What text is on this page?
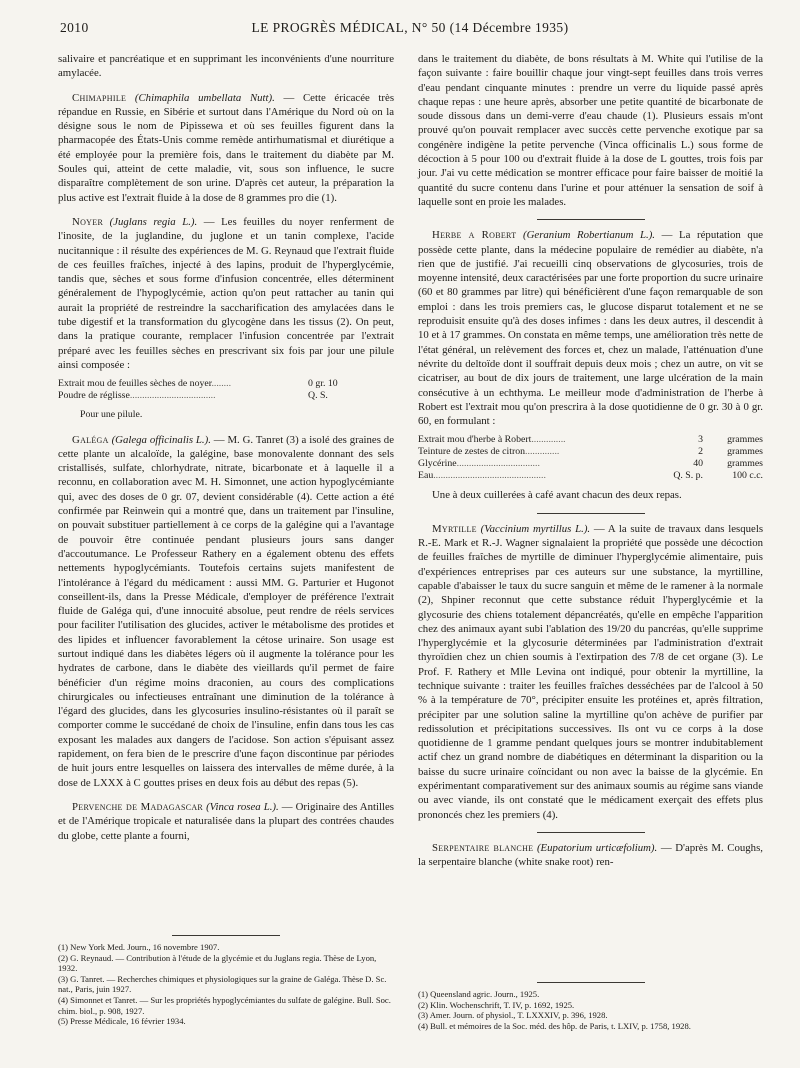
2010	LE PROGRÈS MÉDICAL, N° 50 (14 Décembre 1935)

salivaire et pancréatique et en supprimant les inconvénients d'une nourriture amylacée.

Chimaphile (Chimaphila umbellata Nutt). — Cette éricacée très répandue en Russie, en Sibérie et surtout dans l'Amérique du Nord où on la désigne sous le nom de Pipissewa et où ses feuilles figurent dans la pharmacopée des États-Unis comme remède antirhumatismal et diurétique a été employée pour la première fois, dans le traitement du diabète par M. Soules qui, atteint de cette maladie, vit, sous son influence, le sucre disparaître complètement de son urine. D'après cet auteur, la préparation la plus active est l'extrait fluide à la dose de 8 grammes pro die (1).

Noyer (Juglans regia L.). — Les feuilles du noyer renferment de l'inosite, de la juglandine, du juglone et un tanin complexe, l'acide nucitannique : il résulte des expériences de M. G. Reynaud que l'extrait fluide de ces feuilles fraîches, injecté à des lapins, produit de l'hyperglycémie, tandis que, sèches et sous forme d'infusion concentrée, elles déterminent généralement de l'hypoglycémie, action qu'on peut rattacher au tanin qui aurait la propriété de restreindre la saccharification des amylacées dans le tube digestif et la transformation du glycogène dans les tissus (2). On peut, dans la pratique courante, remplacer l'infusion concentrée par l'extrait préparé avec les feuilles sèches en prescrivant six fois par jour une pilule ainsi composée :

Extrait mou de feuilles sèches de noyer........	0 gr. 10
Poudre de réglisse...................................	Q. S.
Pour une pilule.

Galéga (Galega officinalis L.). — M. G. Tanret (3) a isolé des graines de cette plante un alcaloïde, la galégine, base monovalente donnant des sels cristallisés, sulfate, chlorhydrate, nitrate, bicarbonate et à laquelle il a reconnu, en collaboration avec M. H. Simonnet, une action hypoglycémiante qui, avec des doses de 0 gr. 07, devient considérable (4). Cette action a été confirmée par Reinwein qui a montré que, dans un traitement par l'insuline, on pouvait substituer partiellement à ce corps de la galégine qui a l'avantage de pouvoir être continuée pendant plusieurs jours sans danger d'accoutumance. Le Professeur Rathery en a également obtenu des effets nettements hypoglycémiants. Toutefois certains sujets manifestent de l'intolérance à l'égard du médicament : aussi MM. G. Parturier et Hugonot conseillent-ils, dans la Presse Médicale, d'employer de préférence l'extrait fluide de Galéga qui, d'une innocuité absolue, peut rendre de réels services pour faciliter l'utilisation des glucides, activer le métabolisme des protides et des lipides et influencer favorablement la cétose urinaire. Son usage est surtout indiqué dans les diabètes légers où il augmente la tolérance pour les hydrates de carbone, dans le diabète des vieillards qu'il permet de faire bénéficier d'un régime moins draconien, au cours des complications chirurgicales ou infectieuses entraînant une diminution de la tolérance à l'égard des glucides, dans les glycosuries insulino-résistantes où il paraît se comporter comme le succédané de choix de l'insuline, enfin dans tous les cas exposant les malades aux dangers de l'acidose. Son action s'épuisant assez rapidement, on fera bien de le prescrire d'une façon discontinue par périodes de huit jours entre lesquelles on laissera des intervalles de même durée, à la dose de LXXX à C gouttes prises en deux fois au début des repas (5).

Pervenche de Madagascar (Vinca rosea L.). — Originaire des Antilles et de l'Amérique tropicale et naturalisée dans la plupart des contrées chaudes du globe, cette plante a fourni,

(1) New York Med. Journ., 16 novembre 1907.
(2) G. Reynaud. — Contribution à l'étude de la glycémie et du Juglans regia. Thèse de Lyon, 1932.
(3) G. Tanret. — Recherches chimiques et physiologiques sur la graine de Galéga. Thèse D. Sc. nat., Paris, juin 1927.
(4) Simonnet et Tanret. — Sur les propriétés hypoglycémiantes du sulfate de galégine. Bull. Soc. chim. biol., p. 908, 1927.
(5) Presse Médicale, 16 février 1934.

dans le traitement du diabète, de bons résultats à M. White qui l'utilise de la façon suivante : faire bouillir chaque jour vingt-sept feuilles dans trois verres d'eau pendant cinquante minutes : prendre un verre du liquide passé après chaque repas : une heure après, absorber une petite quantité de bicarbonate de soude dissous dans un demi-verre d'eau chaude (1). Plusieurs essais m'ont prouvé qu'on pouvait remplacer avec succès cette pervenche exotique par sa congénère indigène la petite pervenche (Vinca officinalis L.) sous forme de décoction à 5 pour 100 ou d'extrait fluide à la dose de L gouttes, trois fois par jour. J'ai vu cette médication se montrer efficace pour faire baisser de moitié la quantité du sucre contenu dans l'urine et pour atténuer la sensation de soif à laquelle sont en proie les malades.

Herbe a Robert (Geranium Robertianum L.). — La réputation que possède cette plante, dans la médecine populaire de remédier au diabète, n'a rien que de justifié. J'ai recueilli cinq observations de glycosuries, trois de moyenne intensité, deux caractérisées par une forte proportion du sucre urinaire (60 et 80 grammes par litre) qui bénéficièrent d'une façon remarquable de son emploi : dans les trois premiers cas, le glucose disparut totalement et ne se reproduisit ensuite qu'à des doses infimes : dans les deux autres, il descendit à 10 et à 17 grammes. On constata en même temps, une amélioration très nette de l'état général, un relèvement des forces et, chez un malade, l'atténuation d'une névrite du deltoïde dont il souffrait depuis deux mois ; chez un autre, on vit se cicatriser, au bout de dix jours de traitement, une large ulcération de la main consécutive à un echthyma. Le meilleur mode d'administration de l'herbe à Robert est l'extrait mou qu'on prescrira à la dose quotidienne de 0 gr. 30 à 0 gr. 60, en formulant :

Extrait mou d'herbe à Robert..............	3	grammes
Teinture de zestes de citron..............	2	grammes
Glycérine..................................	40	grammes
Eau..............................................	Q. S. p.	100 c.c.

Une à deux cuillerées à café avant chacun des deux repas.

Myrtille (Vaccinium myrtillus L.). — A la suite de travaux dans lesquels R.-E. Mark et R.-J. Wagner signalaient la propriété que possède une décoction de feuilles fraîches de myrtille de diminuer l'hyperglycémie alimentaire, puis d'expériences entreprises par ces auteurs sur une substance, la myrtilline, capable d'abaisser le taux du sucre sanguin et même de le ramener à la normale (2), Shpiner reconnut que cette substance réduit l'hyperglycémie et la glycosurie des chiens totalement dépancréatés, qu'elle en empêche l'apparition chez des animaux ayant subi l'ablation des 19/20 du pancréas, qu'elle supprime l'hyperglycémie et la glycosurie déterminées par l'administration d'extrait thyroïdien chez un chien soumis à l'extirpation des 7/8 de cet organe (3). Le Prof. F. Rathery et Mlle Levina ont indiqué, pour obtenir la myrtilline, la technique suivante : traiter les feuilles fraîches desséchées par de l'alcool à 50 % à la température de 70°, précipiter ensuite les protéines et, après filtration, précipiter par une solution saline la myrtilline qu'on achève de purifier par redissolution et précipitations successives. Ils ont vu ce corps à la dose quotidienne de 1 gramme pendant quelques jours se montrer indubitablement actif chez un grand nombre de diabétiques en déterminant la disparition ou la baisse du sucre urinaire coïncidant ou non avec la baisse de la glycémie. En expérimentant comparativement sur des animaux soumis au régime sans viande ou avec viande, ils ont constaté que le médicament exerçait des effets plus prononcés chez les premiers (4).

Serpentaire blanche (Eupatorium urticæfolium). — D'après M. Coughs, la serpentaire blanche (white snake root) ren-

(1) Queensland agric. Journ., 1925.
(2) Klin. Wochenschrift, T. IV, p. 1692, 1925.
(3) Amer. Journ. of physiol., T. LXXXIV, p. 396, 1928.
(4) Bull. et mémoires de la Soc. méd. des hôp. de Paris, t. LXIV, p. 1758, 1928.
